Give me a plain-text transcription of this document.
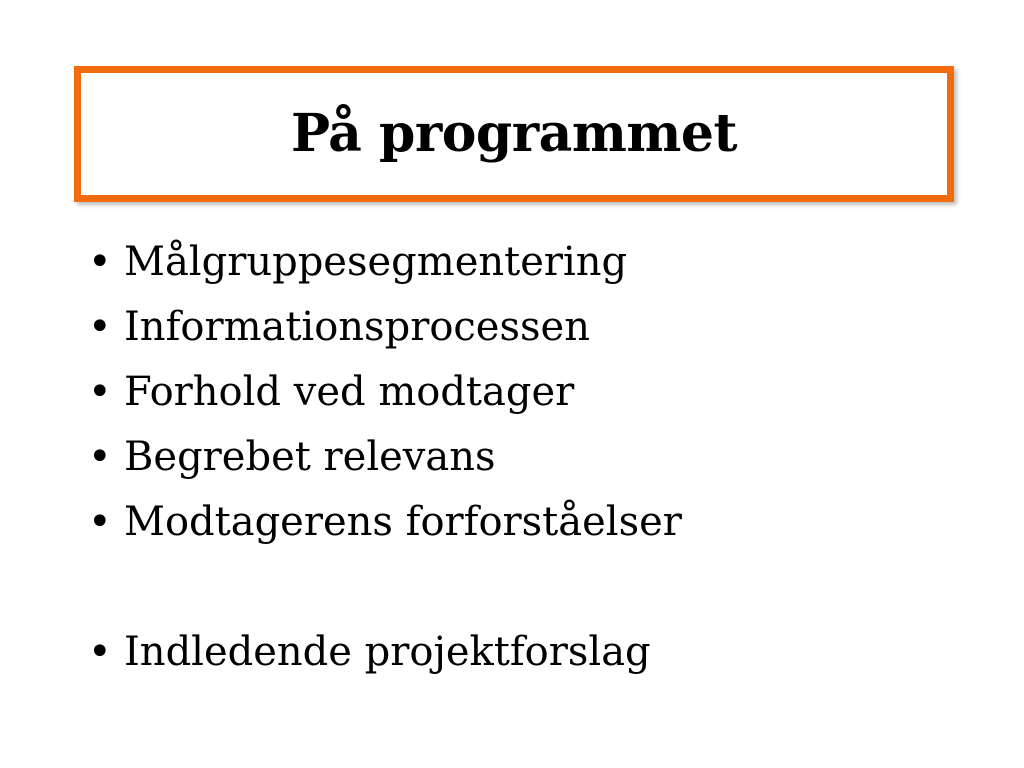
På programmet
• Målgruppesegmentering
• Informationsprocessen
• Forhold ved modtager
• Begrebet relevans
• Modtagerens forforståelser
• Indledende projektforslag
